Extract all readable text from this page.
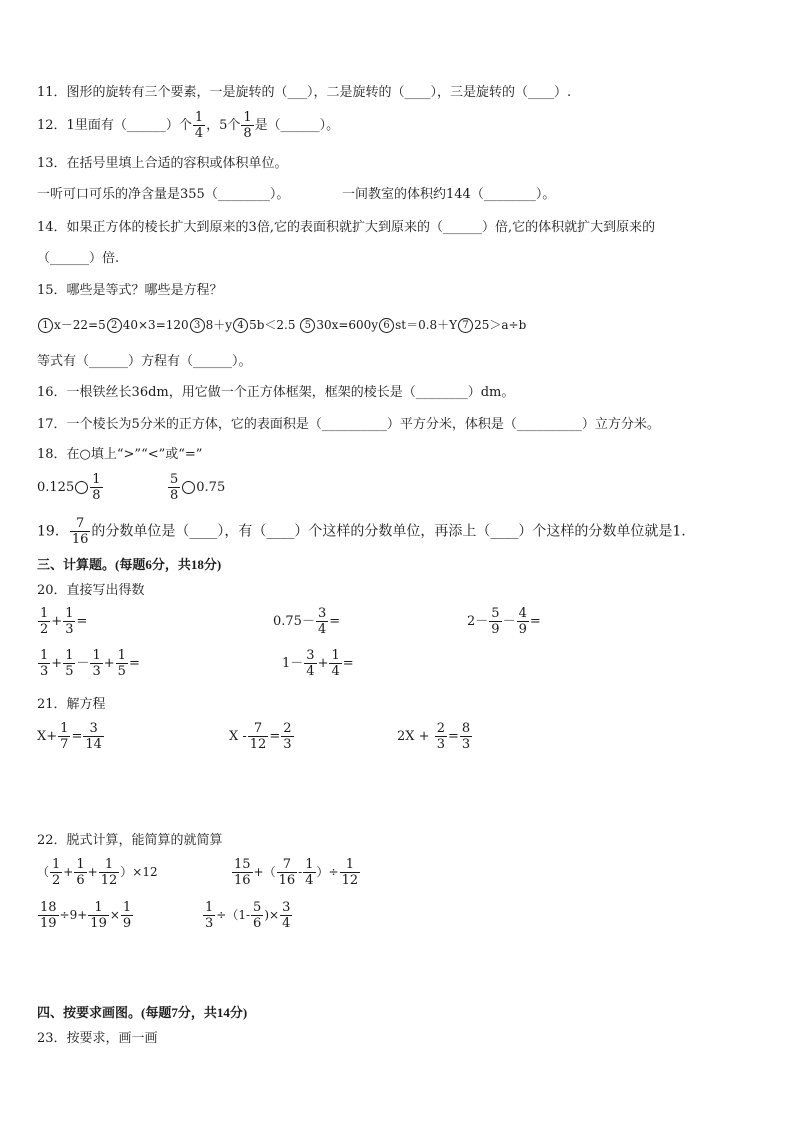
11．图形的旋转有三个要素，一是旋转的（___），二是旋转的（____），三是旋转的（____）.
12．1里面有（______）个 $\frac{1}{4}$ ，5个 $\frac{1}{8}$ 是（______）。
13．在括号里填上合适的容积或体积单位。
一听可口可乐的净含量是355（________）。	一间教室的体积约144（________）。
14．如果正方体的棱长扩大到原来的3倍,它的表面积就扩大到原来的（______）倍,它的体积就扩大到原来的
（______）倍.
15．哪些是等式？哪些是方程？
1 x－22=5 2 40×3=120 3 8＋y 4 5b＜2.5 5 30x=600y 6 st＝0.8＋Y 7 25＞a÷b
等式有（______）方程有（______）。
16．一根铁丝长36dm，用它做一个正方体框架，框架的棱长是（________）dm。
17．一个棱长为5分米的正方体，它的表面积是（__________）平方分米，体积是（__________）立方分米。
18．在○填上“>”“<”或“=”
$0.125 \frac{1}{8}$	$\frac{5}{8} 0.75$
19． $\frac{7}{16}$ 的分数单位是（____），有（____）个这样的分数单位，再添上（____）个这样的分数单位就是1.
三、计算题。(每题6分，共18分)
20．直接写出得数
$\frac{1}{2} + \frac{1}{3}$ =	$0.75- \frac{3}{4}$ =	$2- \frac{5}{9} - \frac{4}{9}$ =
$\frac{1}{3} + \frac{1}{5} - \frac{1}{3} + \frac{1}{5}$ =	$1- \frac{3}{4} + \frac{1}{4}$ =
21．解方程
$X+ \frac{1}{7} = \frac{3}{14}$	$X - \frac{7}{12} = \frac{2}{3}$	$2X + \frac{2}{3} = \frac{8}{3}$
22．脱式计算，能简算的就简算
（ $\frac{1}{2} + \frac{1}{6} + \frac{1}{12} )\times 12$	$\frac{15}{16}$ +（ $\frac{7}{16} - \frac{1}{4}$ ）÷ $\frac{1}{12}$
$\frac{18}{19} \div 9+ \frac{1}{19} \times \frac{1}{9}$	$\frac{1}{3} \div(1- \frac{5}{6}$ )× $\frac{3}{4}$
四、按要求画图。(每题7分，共14分)
23．按要求，画一画
